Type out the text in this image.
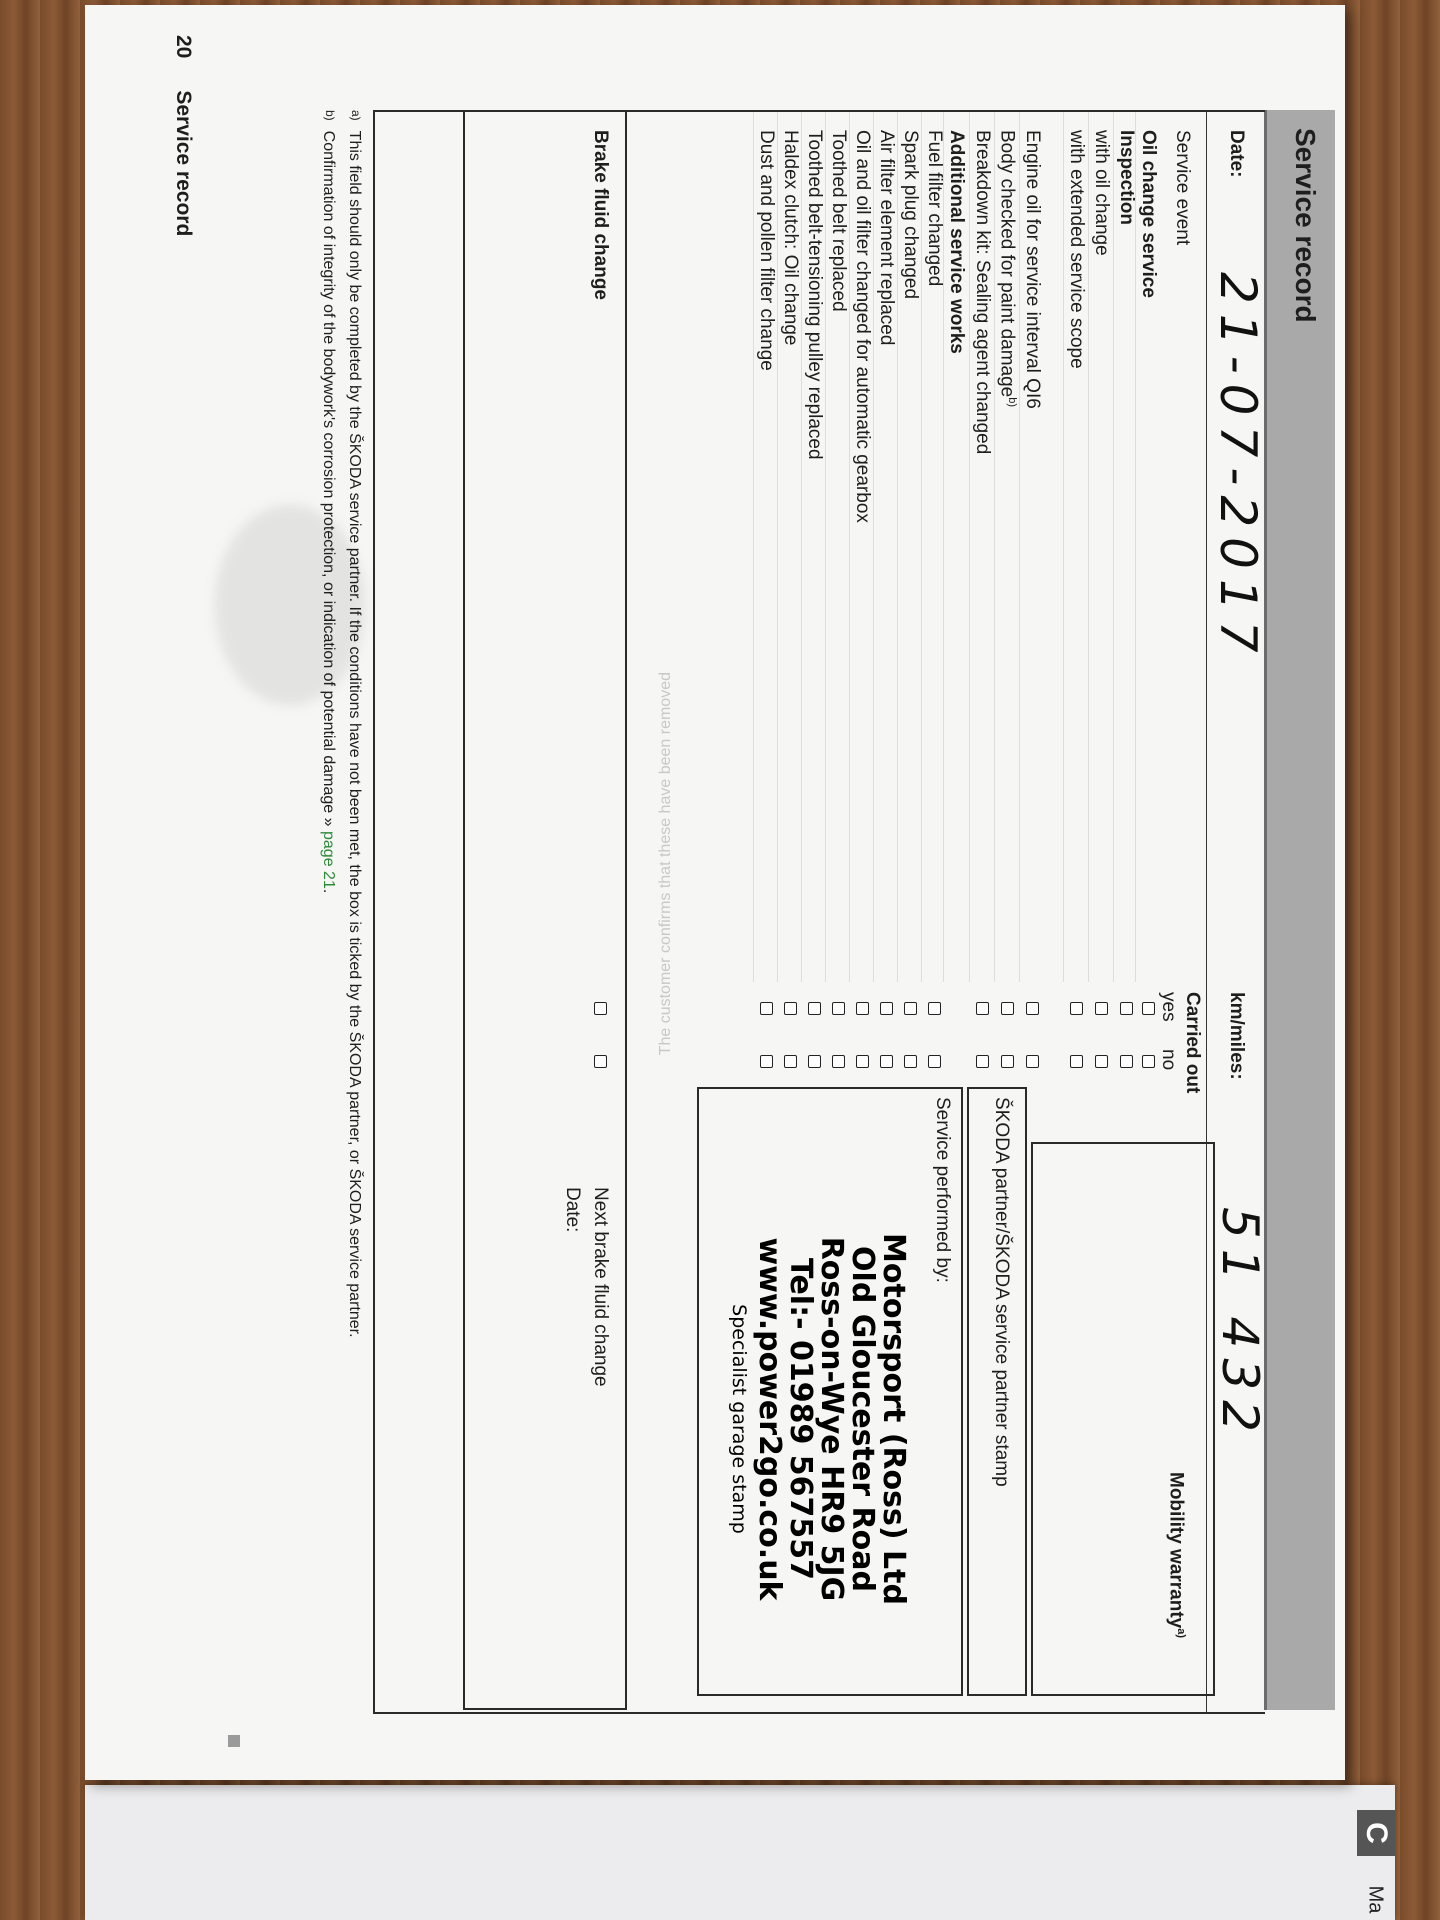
C
Ma
Service record
Date:
21-07-2017
km/miles:
51 432
Service event
Carried out
yes
no
Mobility warranty$^{a)}$
Oil change service
Inspection
with oil change
with extended service scope
Engine oil for service interval QI6
Body checked for paint damage$^{b)}$
Breakdown kit: Sealing agent changed
Additional service works
Fuel filter changed
Spark plug changed
Air filter element replaced
Oil and oil filter changed for automatic gearbox
Toothed belt replaced
Toothed belt-tensioning pulley replaced
Haldex clutch: Oil change
Dust and pollen filter change
ŠKODA partner/ŠKODA service partner stamp
Service performed by:
Motorsport (Ross) Ltd
Old Gloucester Road
Ross-on-Wye HR9 5JG
Tel:- 01989 567557
www.power2go.co.uk
Specialist garage stamp
Brake fluid change
Next brake fluid change
Date:
The customer confirms that these have been removed
$^{a)}$This field should only be completed by the ŠKODA service partner. If the conditions have not been met, the box is ticked by the ŠKODA partner, or ŠKODA service partner.
$^{b)}$Confirmation of integrity of the bodywork's corrosion protection, or indication of potential damage » page 21.
20Service record
